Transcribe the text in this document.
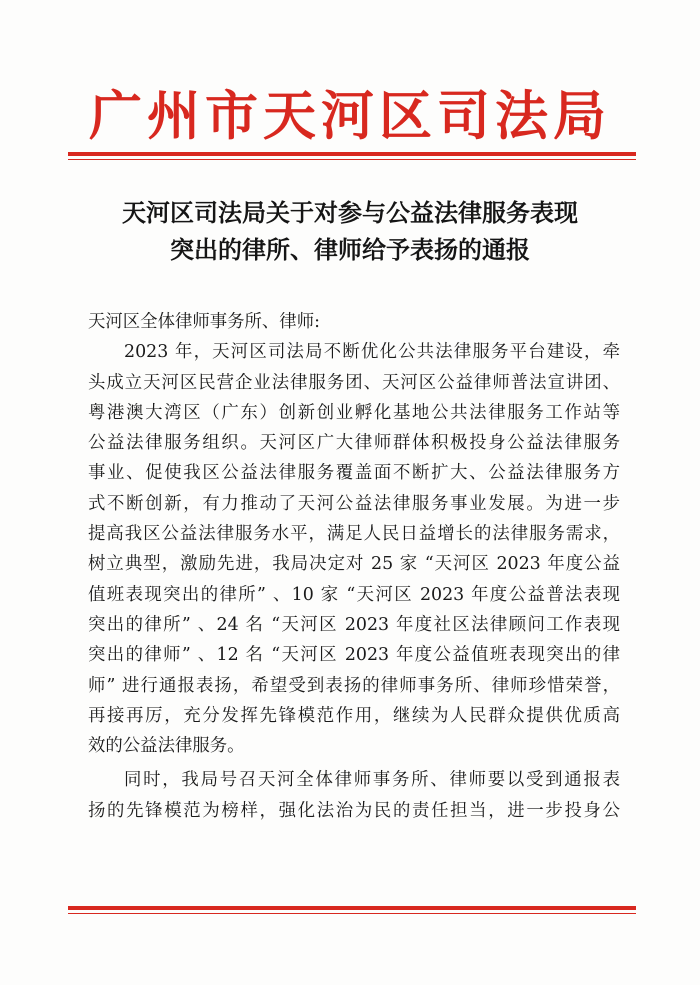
广州市天河区司法局
天河区司法局关于对参与公益法律服务表现
突出的律所、律师给予表扬的通报
天河区全体律师事务所、律师:
2023 年，天河区司法局不断优化公共法律服务平台建设，牵
头成立天河区民营企业法律服务团、天河区公益律师普法宣讲团、
粤港澳大湾区（广东）创新创业孵化基地公共法律服务工作站等
公益法律服务组织。天河区广大律师群体积极投身公益法律服务
事业、促使我区公益法律服务覆盖面不断扩大、公益法律服务方
式不断创新，有力推动了天河公益法律服务事业发展。为进一步
提高我区公益法律服务水平，满足人民日益增长的法律服务需求，
树立典型，激励先进，我局决定对 25 家 “天河区 2023 年度公益
值班表现突出的律所” 、10 家 “天河区 2023 年度公益普法表现
突出的律所” 、24 名 “天河区 2023 年度社区法律顾问工作表现
突出的律师” 、12 名 “天河区 2023 年度公益值班表现突出的律
师” 进行通报表扬，希望受到表扬的律师事务所、律师珍惜荣誉，
再接再厉，充分发挥先锋模范作用，继续为人民群众提供优质高
效的公益法律服务。
同时，我局号召天河全体律师事务所、律师要以受到通报表
扬的先锋模范为榜样，强化法治为民的责任担当，进一步投身公
